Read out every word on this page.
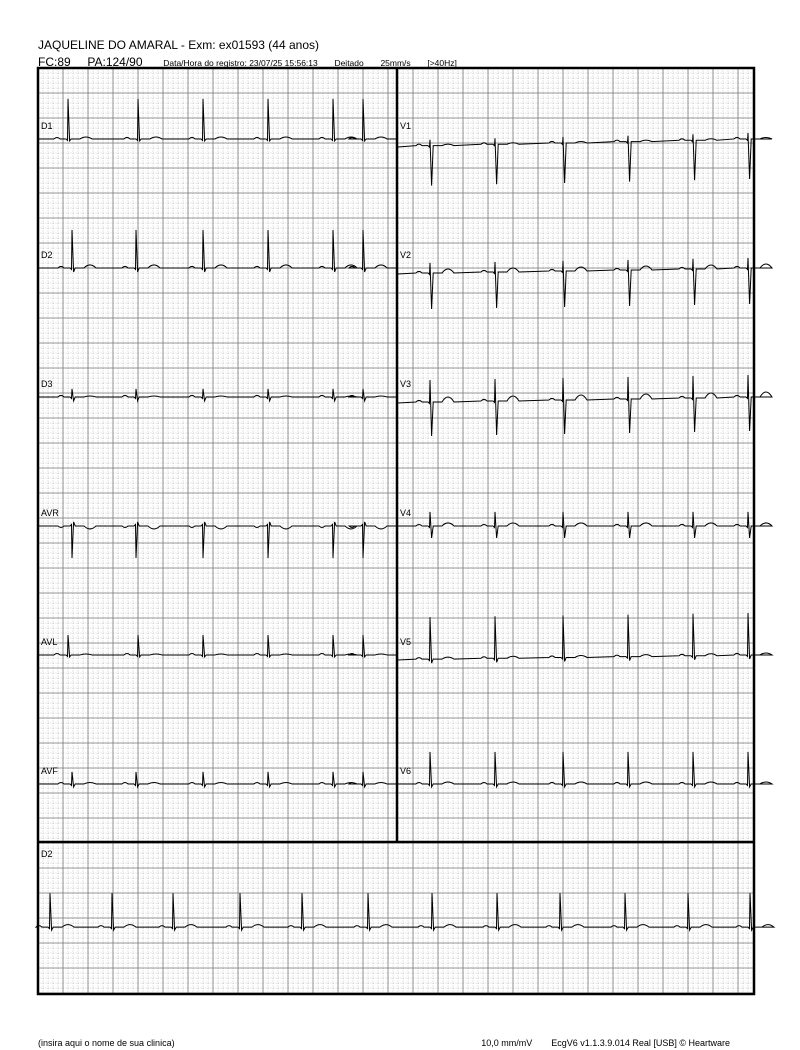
JAQUELINE DO AMARAL - Exm: ex01593 (44 anos)
FC:89 PA:124/90 Data/Hora do registro: 23/07/25 15:56:13 Deitado 25mm/s [>40Hz]
D1
D2
D3
AVR
AVL
AVF
V1
V2
V3
V4
V5
V6
D2
(insira aqui o nome de sua clinica)	10,0 mm/mV EcgV6 v1.1.3.9.014 Real [USB] © Heartware
